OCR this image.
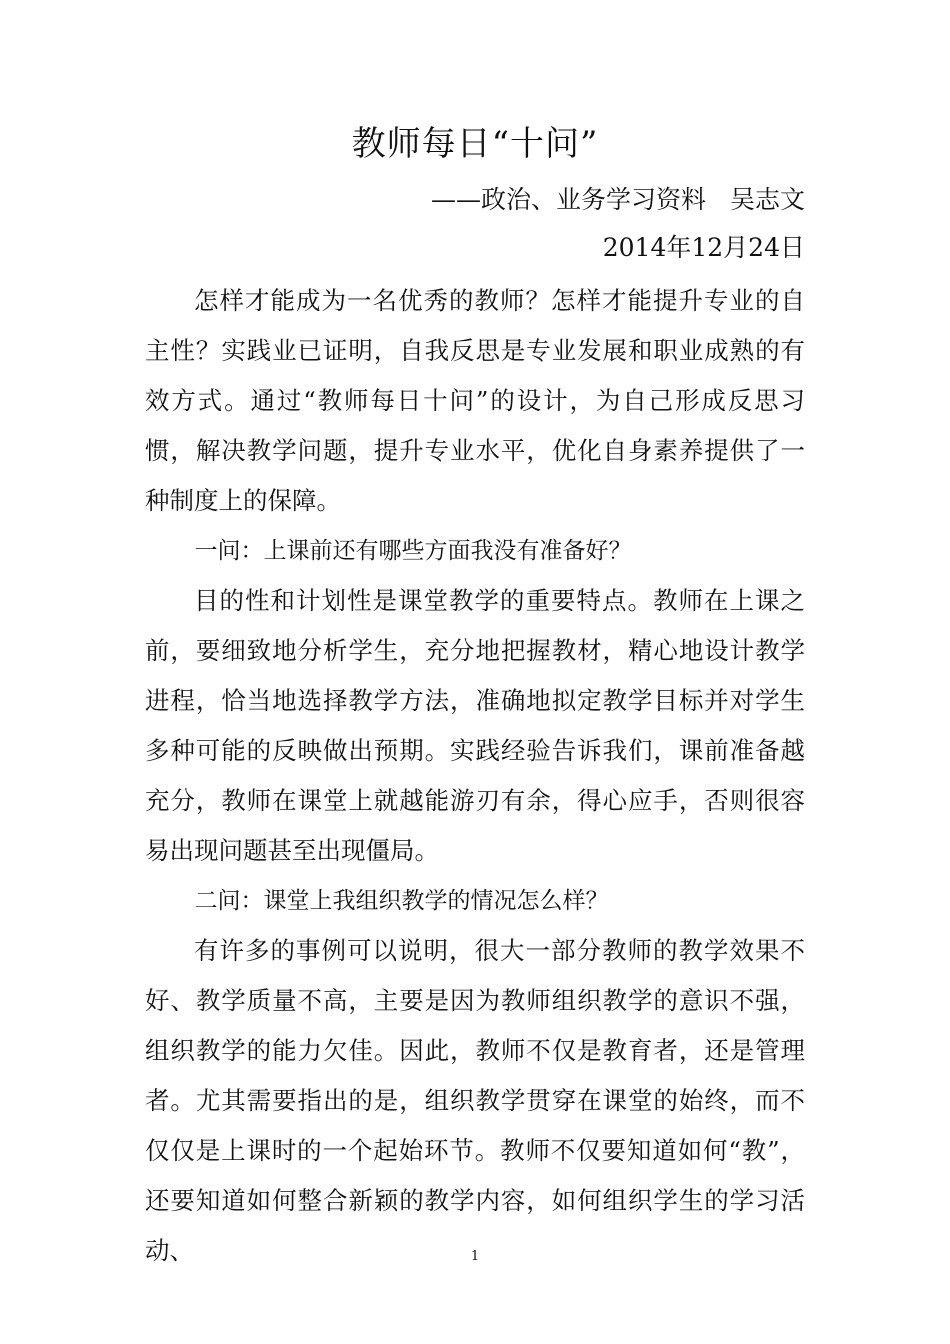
教师每日“十问”
——政治、业务学习资料 吴志文
2014年12月24日

怎样才能成为一名优秀的教师？怎样才能提升专业的自主性？实践业已证明，自我反思是专业发展和职业成熟的有效方式。通过“教师每日十问”的设计，为自己形成反思习惯，解决教学问题，提升专业水平，优化自身素养提供了一种制度上的保障。

一问：上课前还有哪些方面我没有准备好？

目的性和计划性是课堂教学的重要特点。教师在上课之前，要细致地分析学生，充分地把握教材，精心地设计教学进程，恰当地选择教学方法，准确地拟定教学目标并对学生多种可能的反映做出预期。实践经验告诉我们，课前准备越充分，教师在课堂上就越能游刃有余，得心应手，否则很容易出现问题甚至出现僵局。

二问：课堂上我组织教学的情况怎么样？

有许多的事例可以说明，很大一部分教师的教学效果不好、教学质量不高，主要是因为教师组织教学的意识不强，组织教学的能力欠佳。因此，教师不仅是教育者，还是管理者。尤其需要指出的是，组织教学贯穿在课堂的始终，而不仅仅是上课时的一个起始环节。教师不仅要知道如何“教”，还要知道如何整合新颖的教学内容，如何组织学生的学习活动、	1
